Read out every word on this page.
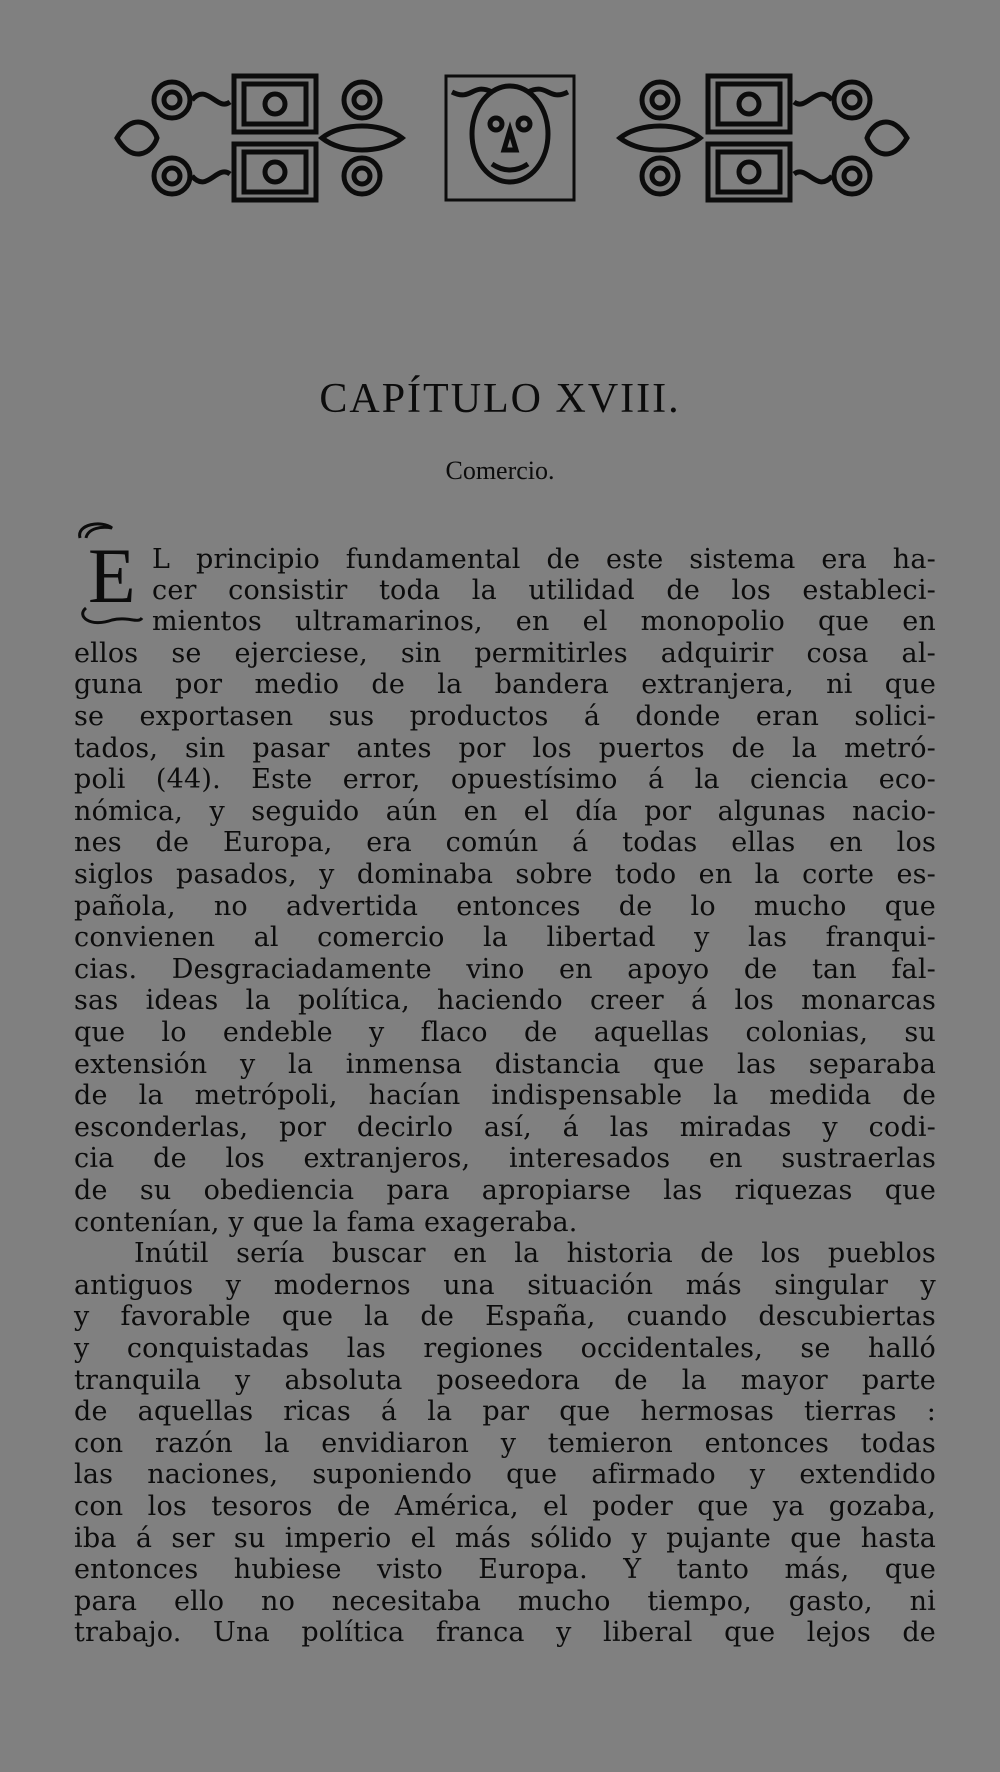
CAPÍTULO XVIII.
Comercio.
E L principio fundamental de este sistema era ha-
cer consistir toda la utilidad de los estableci-
mientos ultramarinos, en el monopolio que en
ellos se ejerciese, sin permitirles adquirir cosa al-
guna por medio de la bandera extranjera, ni que
se exportasen sus productos á donde eran solici-
tados, sin pasar antes por los puertos de la metró-
poli (44). Este error, opuestísimo á la ciencia eco-
nómica, y seguido aún en el día por algunas nacio-
nes de Europa, era común á todas ellas en los
siglos pasados, y dominaba sobre todo en la corte es-
pañola, no advertida entonces de lo mucho que
convienen al comercio la libertad y las franqui-
cias. Desgraciadamente vino en apoyo de tan fal-
sas ideas la política, haciendo creer á los monarcas
que lo endeble y flaco de aquellas colonias, su
extensión y la inmensa distancia que las separaba
de la metrópoli, hacían indispensable la medida de
esconderlas, por decirlo así, á las miradas y codi-
cia de los extranjeros, interesados en sustraerlas
de su obediencia para apropiarse las riquezas que
contenían, y que la fama exageraba.
Inútil sería buscar en la historia de los pueblos
antiguos y modernos una situación más singular y
y favorable que la de España, cuando descubiertas
y conquistadas las regiones occidentales, se halló
tranquila y absoluta poseedora de la mayor parte
de aquellas ricas á la par que hermosas tierras :
con razón la envidiaron y temieron entonces todas
las naciones, suponiendo que afirmado y extendido
con los tesoros de América, el poder que ya gozaba,
iba á ser su imperio el más sólido y pujante que hasta
entonces hubiese visto Europa. Y tanto más, que
para ello no necesitaba mucho tiempo, gasto, ni
trabajo. Una política franca y liberal que lejos de
